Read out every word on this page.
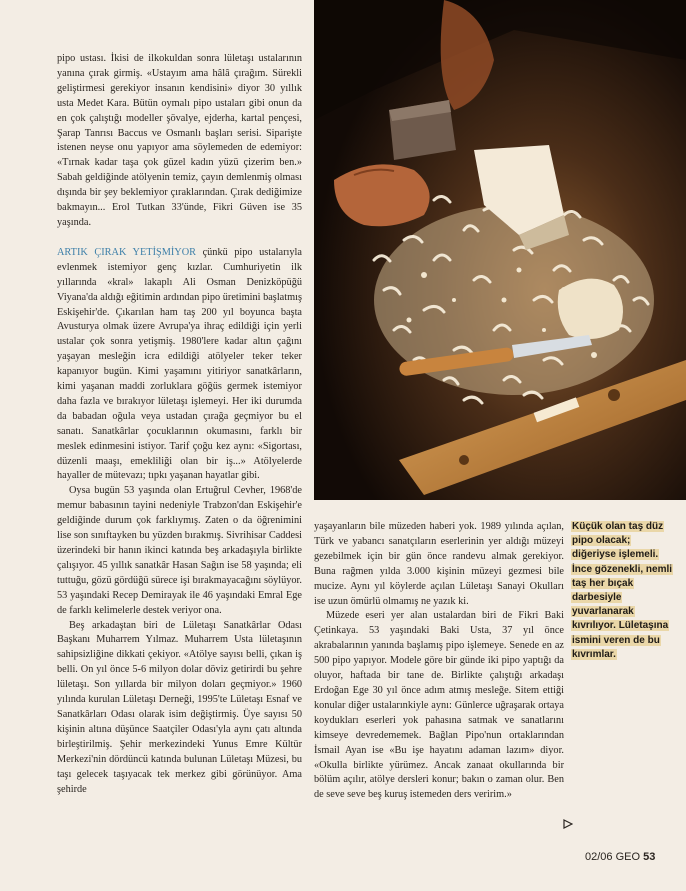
pipo ustası. İkisi de ilkokuldan sonra lületaşı ustalarının yanına çırak girmiş. «Ustayım ama hâlâ çırağım. Sürekli geliştirmesi gerekiyor insanın kendisini» diyor 30 yıllık usta Medet Kara. Bütün oymalı pipo ustaları gibi onun da en çok çalıştığı modeller şövalye, ejderha, kartal pençesi, Şarap Tanrısı Baccus ve Osmanlı başları serisi. Siparişte istenen neyse onu yapıyor ama söylemeden de edemiyor: «Tırnak kadar taşa çok güzel kadın yüzü çizerim ben.» Sabah geldiğinde atölyenin temiz, çayın demlenmiş olması dışında bir şey beklemiyor çıraklarından. Çırak dediğimize bakmayın... Erol Tutkan 33'ünde, Fikri Güven ise 35 yaşında.

ARTIK ÇIRAK YETİŞMİYOR çünkü pipo ustalarıyla evlenmek istemiyor genç kızlar. Cumhuriyetin ilk yıllarında «kral» lakaplı Ali Osman Denizköpüğü Viyana'da aldığı eğitimin ardından pipo üretimini başlatmış Eskişehir'de. Çıkarılan ham taş 200 yıl boyunca başta Avusturya olmak üzere Avrupa'ya ihraç edildiği için yerli ustalar çok sonra yetişmiş. 1980'lere kadar altın çağını yaşayan mesleğin icra edildiği atölyeler teker teker kapanıyor bugün. Kimi yaşamını yitiriyor sanatkârların, kimi yaşanan maddi zorluklara göğüs germek istemiyor daha fazla ve bırakıyor lületaşı işlemeyi. Her iki durumda da babadan oğula veya ustadan çırağa geçmiyor bu el sanatı. Sanatkârlar çocuklarının okumasını, farklı bir meslek edinmesini istiyor. Tarif çoğu kez aynı: «Sigortası, düzenli maaşı, emekliliği olan bir iş...» Atölyelerde hayaller de mütevazı; tıpkı yaşanan hayatlar gibi.

Oysa bugün 53 yaşında olan Ertuğrul Cevher, 1968'de memur babasının tayini nedeniyle Trabzon'dan Eskişehir'e geldiğinde durum çok farklıymış. Zaten o da öğrenimini lise son sınıftayken bu yüzden bırakmış. Sivrihisar Caddesi üzerindeki bir hanın ikinci katında beş arkadaşıyla birlikte çalışıyor. 45 yıllık sanatkâr Hasan Sağın ise 58 yaşında; eli tuttuğu, gözü gördüğü sürece işi bırakmayacağını söylüyor. 53 yaşındaki Recep Demirayak ile 46 yaşındaki Emral Ege de farklı kelimelerle destek veriyor ona.

Beş arkadaştan biri de Lületaşı Sanatkârlar Odası Başkanı Muharrem Yılmaz. Muharrem Usta lületaşının sahipsizliğine dikkati çekiyor. «Atölye sayısı belli, çıkan iş belli. On yıl önce 5-6 milyon dolar döviz getirirdi bu şehre lületaşı. Son yıllarda bir milyon doları geçmiyor.» 1960 yılında kurulan Lületaşı Derneği, 1995'te Lületaşı Esnaf ve Sanatkârları Odası olarak isim değiştirmiş. Üye sayısı 50 kişinin altına düşünce Saatçiler Odası'yla aynı çatı altında birleştirilmiş. Şehir merkezindeki Yunus Emre Kültür Merkezi'nin dördüncü katında bulunan Lületaşı Müzesi, bu taşı gelecek taşıyacak tek merkez gibi görünüyor. Ama şehirde

yaşayanların bile müzeden haberi yok. 1989 yılında açılan, Türk ve yabancı sanatçıların eserlerinin yer aldığı müzeyi gezebilmek için bir gün önce randevu almak gerekiyor. Buna rağmen yılda 3.000 kişinin müzeyi gezmesi bile mucize. Aynı yıl köylerde açılan Lületaşı Sanayi Okulları ise uzun ömürlü olmamış ne yazık ki.

Müzede eseri yer alan ustalardan biri de Fikri Baki Çetinkaya. 53 yaşındaki Baki Usta, 37 yıl önce akrabalarının yanında başlamış pipo işlemeye. Senede en az 500 pipo yapıyor. Modele göre bir günde iki pipo yaptığı da oluyor, haftada bir tane de. Birlikte çalıştığı arkadaşı Erdoğan Ege 30 yıl önce adım atmış mesleğe. Sitem ettiği konular diğer ustalarınkiyle aynı: Günlerce uğraşarak ortaya koydukları eserleri yok pahasına satmak ve sanatlarını kimseye devredememek. Bağlan Pipo'nun ortaklarından İsmail Ayan ise «Bu işe hayatını adaman lazım» diyor. «Okulla birlikte yürümez. Ancak zanaat okullarında bir bölüm açılır, atölye dersleri konur; bakın o zaman olur. Ben de seve seve beş kuruş istemeden ders veririm.»

Küçük olan taş düz pipo olacak; diğeriyse işlemeli. İnce gözenekli, nemli taş her bıçak darbesiyle yuvarlanarak kıvrılıyor. Lületaşına ismini veren de bu kıvrımlar.
02/06 GEO 53
